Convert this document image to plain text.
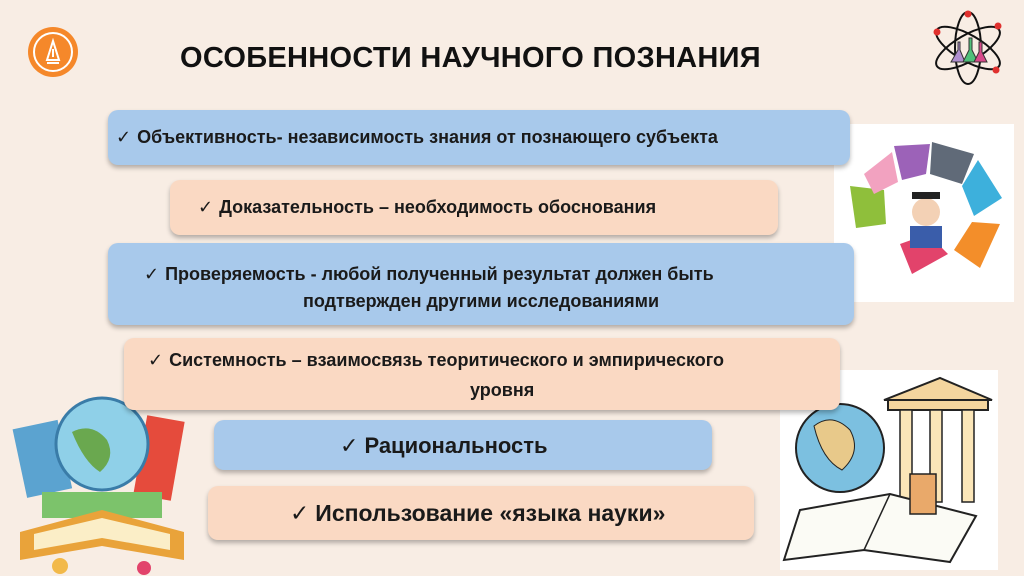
ОСОБЕННОСТИ НАУЧНОГО ПОЗНАНИЯ
✓ Объективность- независимость знания от познающего субъекта
✓ Доказательность – необходимость обоснования
✓ Проверяемость - любой полученный результат должен быть
подтвержден другими исследованиями
✓ Системность – взаимосвязь теоритического и эмпирического
уровня
✓ Рациональность
✓ Использование «языка науки»
